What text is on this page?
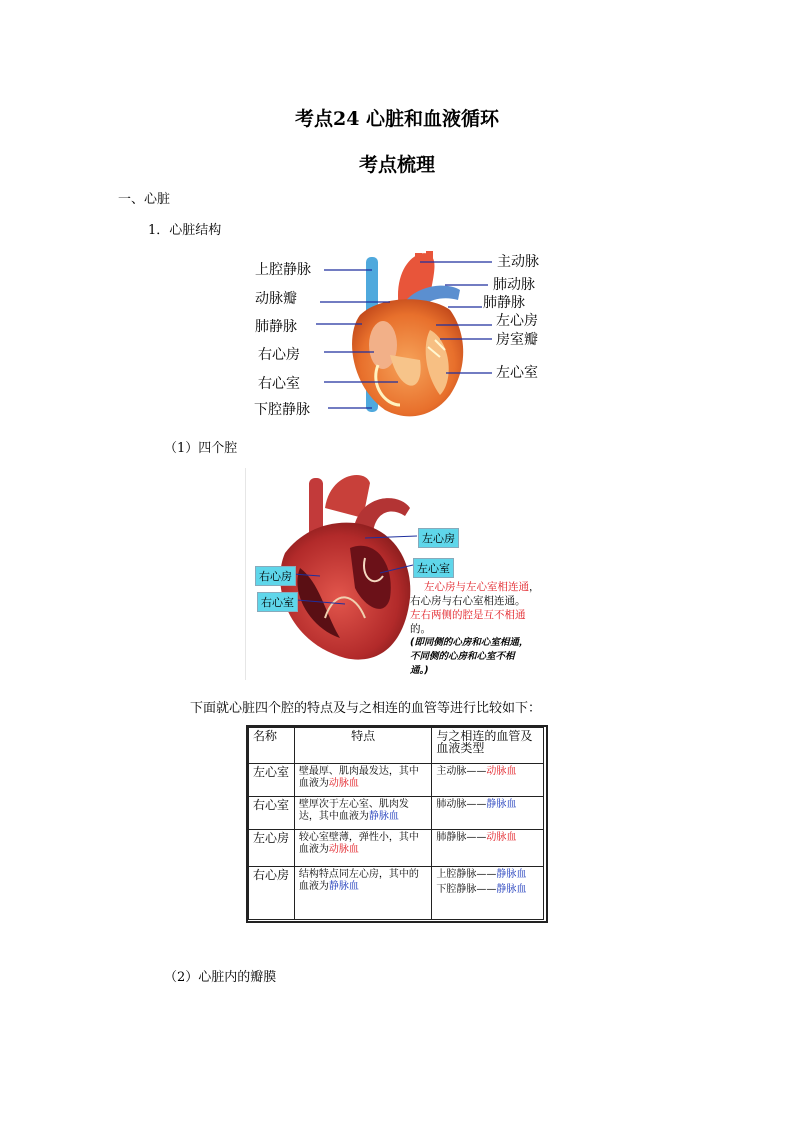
考点24 心脏和血液循环
考点梳理
一、心脏
1．心脏结构
上腔静脉
动脉瓣
肺静脉
右心房
右心室
下腔静脉
主动脉
肺动脉
肺静脉
左心房
房室瓣
左心室
（1）四个腔
左心房
左心室
右心房
右心室
左心房与左心室相连通，
右心房与右心室相连通。
左右两侧的腔是互不相通
的。
(即同侧的心房和心室相通，
不同侧的心房和心室不相
通。)
下面就心脏四个腔的特点及与之相连的血管等进行比较如下：
名称	特点	与之相连的血管及血液类型
左心室	壁最厚、肌肉最发达，其中血液为动脉血	主动脉——动脉血
右心室	壁厚次于左心室、肌肉发达，其中血液为静脉血	肺动脉——静脉血
左心房	较心室壁薄，弹性小，其中血液为动脉血	肺静脉——动脉血
右心房	结构特点同左心房，其中的血液为静脉血	上腔静脉——静脉血
下腔静脉——静脉血
（2）心脏内的瓣膜
